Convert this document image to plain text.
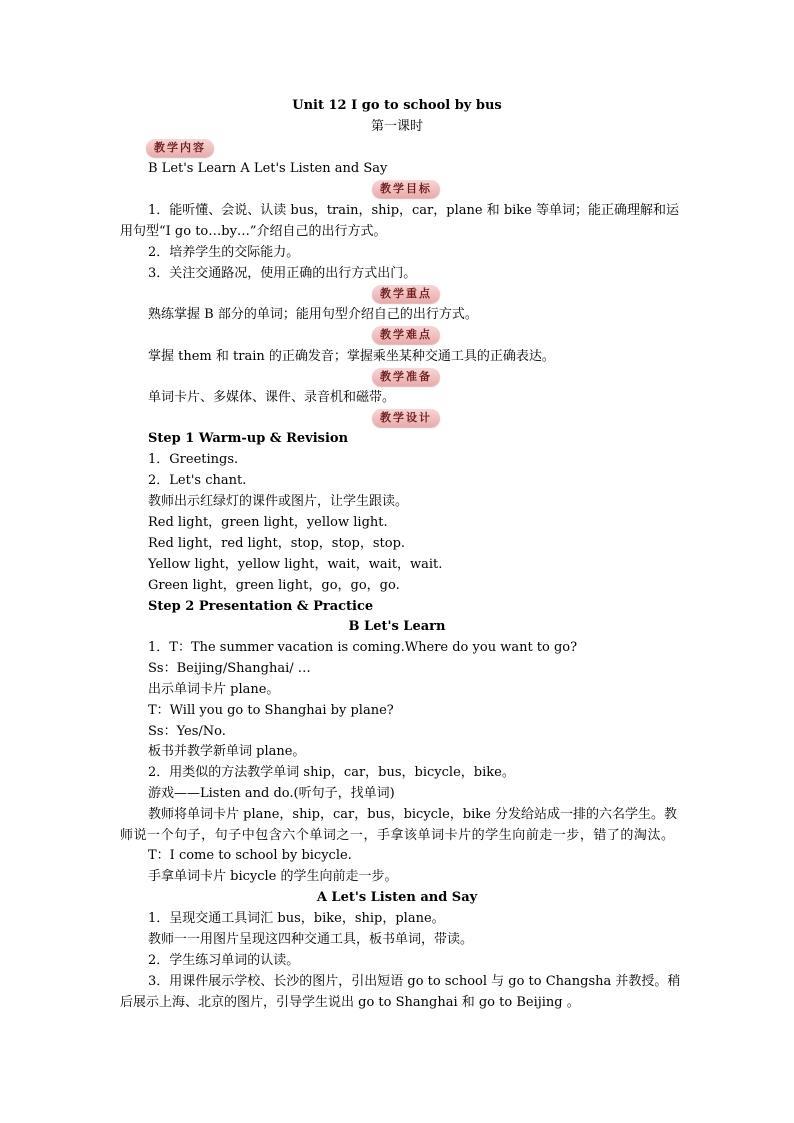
Unit 12 I go to school by bus
第一课时
教学内容
B Let's Learn A Let's Listen and Say
教学目标
1．能听懂、会说、认读 bus，train，ship，car，plane 和 bike 等单词；能正确理解和运
用句型“I go to…by…”介绍自己的出行方式。
2．培养学生的交际能力。
3．关注交通路况，使用正确的出行方式出门。
教学重点
熟练掌握 B 部分的单词；能用句型介绍自己的出行方式。
教学难点
掌握 them 和 train 的正确发音；掌握乘坐某种交通工具的正确表达。
教学准备
单词卡片、多媒体、课件、录音机和磁带。
教学设计
Step 1 Warm-up & Revision
1．Greetings.
2．Let's chant.
教师出示红绿灯的课件或图片，让学生跟读。
Red light，green light，yellow light.
Red light，red light，stop，stop，stop.
Yellow light，yellow light，wait，wait，wait.
Green light，green light，go，go，go.
Step 2 Presentation & Practice
B Let's Learn
1．T：The summer vacation is coming.Where do you want to go?
Ss：Beijing/Shanghai/ …
出示单词卡片 plane。
T：Will you go to Shanghai by plane?
Ss：Yes/No.
板书并教学新单词 plane。
2．用类似的方法教学单词 ship，car，bus，bicycle，bike。
游戏——Listen and do.(听句子，找单词)
教师将单词卡片 plane，ship，car，bus，bicycle，bike 分发给站成一排的六名学生。教
师说一个句子，句子中包含六个单词之一，手拿该单词卡片的学生向前走一步，错了的淘汰。
T：I come to school by bicycle.
手拿单词卡片 bicycle 的学生向前走一步。
A Let's Listen and Say
1．呈现交通工具词汇 bus，bike，ship，plane。
教师一一用图片呈现这四种交通工具，板书单词，带读。
2．学生练习单词的认读。
3．用课件展示学校、长沙的图片，引出短语 go to school 与 go to Changsha 并教授。稍
后展示上海、北京的图片，引导学生说出 go to Shanghai 和 go to Beijing 。
